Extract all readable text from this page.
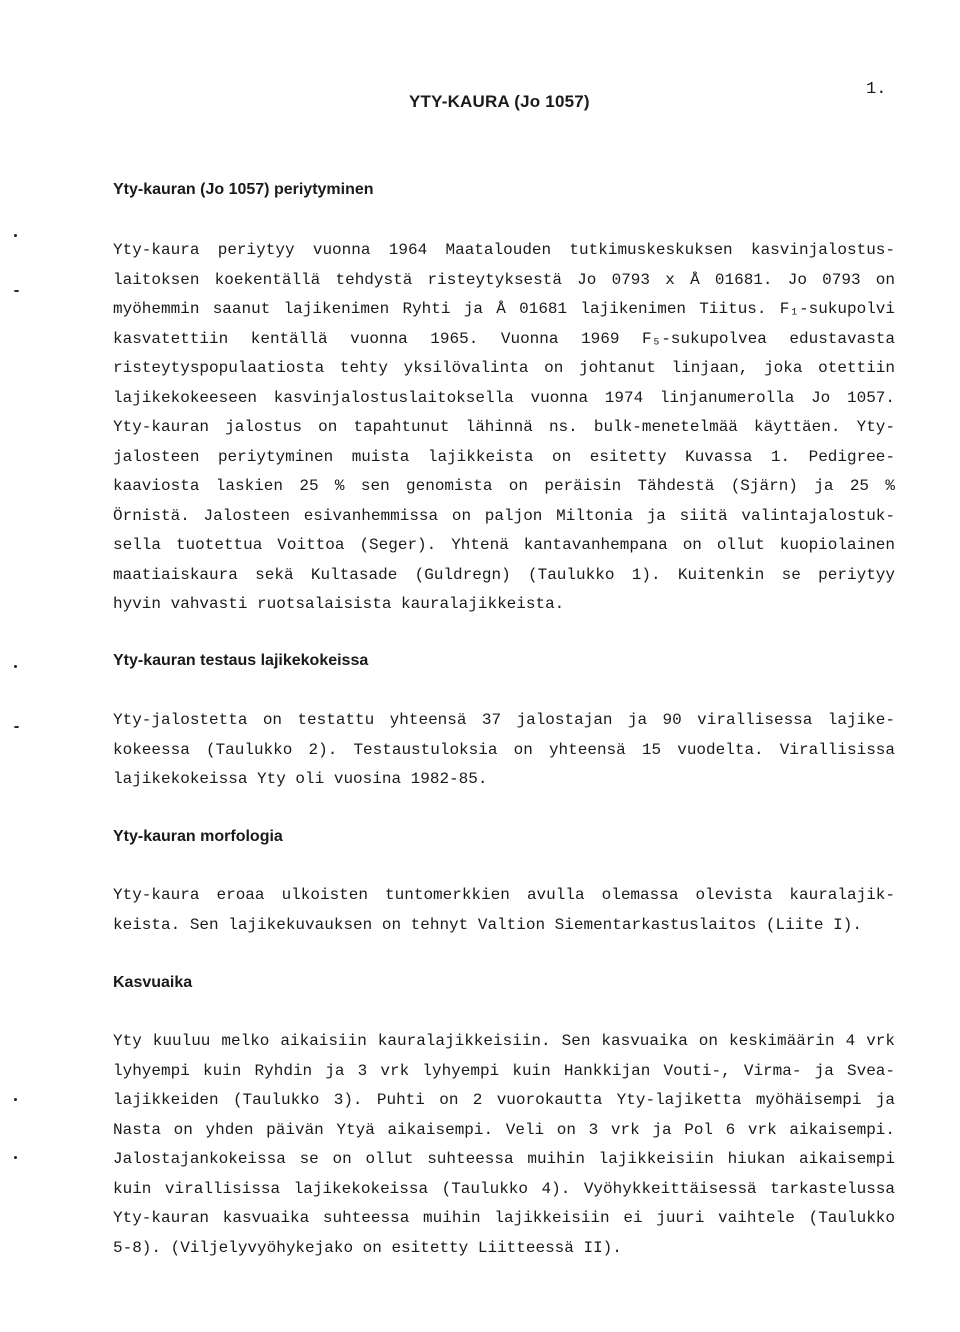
1.
YTY-KAURA (Jo 1057)
Yty-kauran (Jo 1057) periytyminen
Yty-kaura periytyy vuonna 1964 Maatalouden tutkimuskeskuksen kasvinjalostus-
laitoksen koekentällä tehdystä risteytyksestä Jo 0793 x Å 01681. Jo 0793 on
myöhemmin saanut lajikenimen Ryhti ja Å 01681 lajikenimen Tiitus. F₁-sukupolvi
kasvatettiin kentällä vuonna 1965. Vuonna 1969 F₅-sukupolvea edustavasta
risteytyspopulaatiosta tehty yksilövalinta on johtanut linjaan, joka otettiin
lajikekokeeseen kasvinjalostuslaitoksella vuonna 1974 linjanumerolla Jo 1057.
Yty-kauran jalostus on tapahtunut lähinnä ns. bulk-menetelmää käyttäen. Yty-
jalosteen periytyminen muista lajikkeista on esitetty Kuvassa 1. Pedigree-
kaaviosta laskien 25 % sen genomista on peräisin Tähdestä (Sjärn) ja 25 %
Örnistä. Jalosteen esivanhemmissa on paljon Miltonia ja siitä valintajalostuk-
sella tuotettua Voittoa (Seger). Yhtenä kantavanhempana on ollut kuopiolainen
maatiaiskaura sekä Kultasade (Guldregn) (Taulukko 1). Kuitenkin se periytyy
hyvin vahvasti ruotsalaisista kauralajikkeista.
Yty-kauran testaus lajikekokeissa
Yty-jalostetta on testattu yhteensä 37 jalostajan ja 90 virallisessa lajike-
kokeessa (Taulukko 2). Testaustuloksia on yhteensä 15 vuodelta. Virallisissa
lajikekokeissa Yty oli vuosina 1982-85.
Yty-kauran morfologia
Yty-kaura eroaa ulkoisten tuntomerkkien avulla olemassa olevista kauralajik-
keista. Sen lajikekuvauksen on tehnyt Valtion Siementarkastuslaitos (Liite I).
Kasvuaika
Yty kuuluu melko aikaisiin kauralajikkeisiin. Sen kasvuaika on keskimäärin 4 vrk
lyhyempi kuin Ryhdin ja 3 vrk lyhyempi kuin Hankkijan Vouti-, Virma- ja Svea-
lajikkeiden (Taulukko 3). Puhti on 2 vuorokautta Yty-lajiketta myöhäisempi ja
Nasta on yhden päivän Ytyä aikaisempi. Veli on 3 vrk ja Pol 6 vrk aikaisempi.
Jalostajankokeissa se on ollut suhteessa muihin lajikkeisiin hiukan aikaisempi
kuin virallisissa lajikekokeissa (Taulukko 4). Vyöhykkeittäisessä tarkastelussa
Yty-kauran kasvuaika suhteessa muihin lajikkeisiin ei juuri vaihtele (Taulukko
5-8). (Viljelyvyöhykejako on esitetty Liitteessä II).
